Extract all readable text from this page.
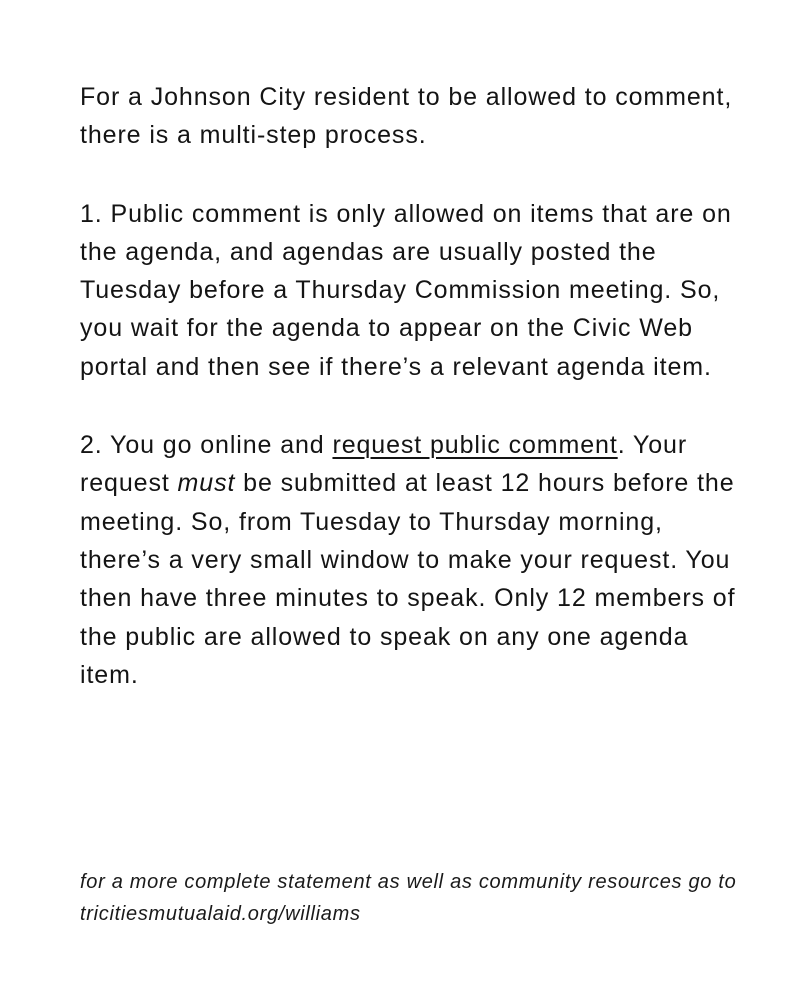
For a Johnson City resident to be allowed to comment, there is a multi-step process.

1. Public comment is only allowed on items that are on the agenda, and agendas are usually posted the Tuesday before a Thursday Commission meeting. So, you wait for the agenda to appear on the Civic Web portal and then see if there’s a relevant agenda item.

2. You go online and request public comment. Your request must be submitted at least 12 hours before the meeting. So, from Tuesday to Thursday morning, there’s a very small window to make your request. You then have three minutes to speak. Only 12 members of the public are allowed to speak on any one agenda item.

for a more complete statement as well as community resources go to tricitiesmutualaid.org/williams
